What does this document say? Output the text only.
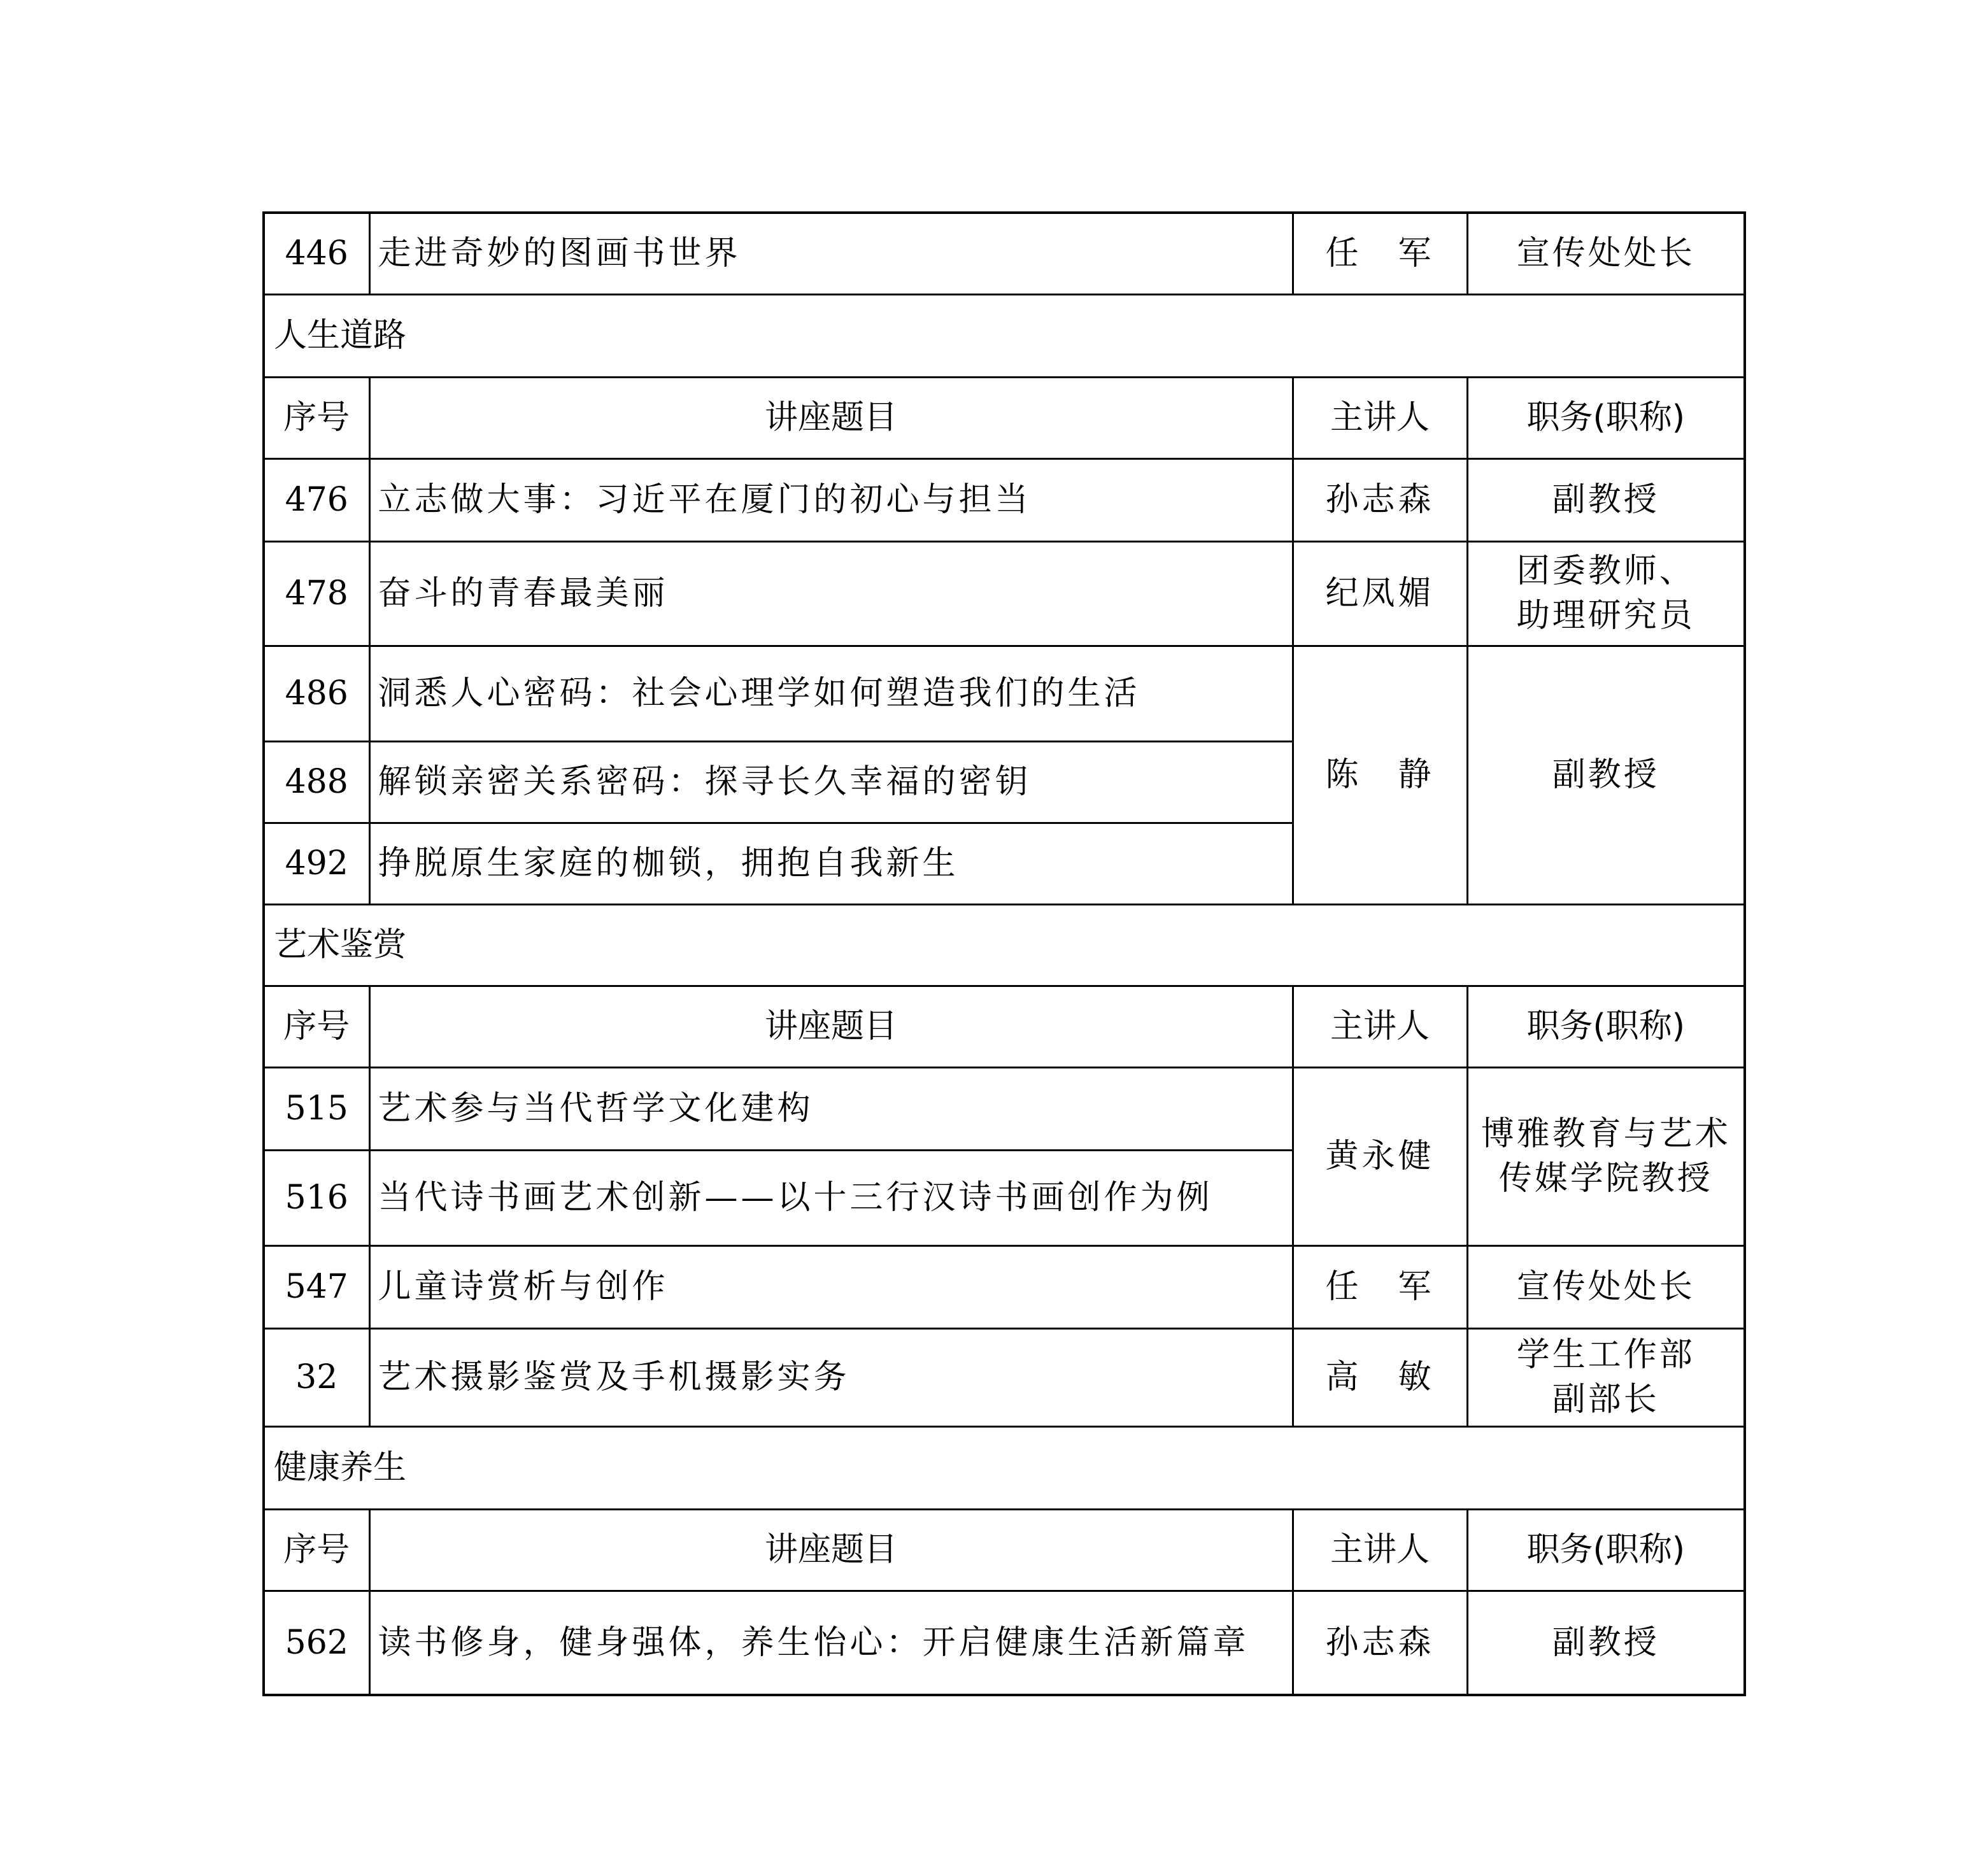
446	走进奇妙的图画书世界	任　军	宣传处处长
人生道路			
序号	讲座题目	主讲人	职务(职称)
476	立志做大事：习近平在厦门的初心与担当	孙志森	副教授
478	奋斗的青春最美丽	纪凤媚	团委教师、
助理研究员

486	洞悉人心密码：社会心理学如何塑造我们的生活	陈　静	副教授
488	解锁亲密关系密码：探寻长久幸福的密钥		
492	挣脱原生家庭的枷锁，拥抱自我新生		
艺术鉴赏			
序号	讲座题目	主讲人	职务(职称)
515	艺术参与当代哲学文化建构	黄永健	博雅教育与艺术
传媒学院教授

516	当代诗书画艺术创新——以十三行汉诗书画创作为例		
547	儿童诗赏析与创作	任　军	宣传处处长
32	艺术摄影鉴赏及手机摄影实务	高　敏	学生工作部
副部长

健康养生			
序号	讲座题目	主讲人	职务(职称)
562	读书修身，健身强体，养生怡心：开启健康生活新篇章	孙志森	副教授
